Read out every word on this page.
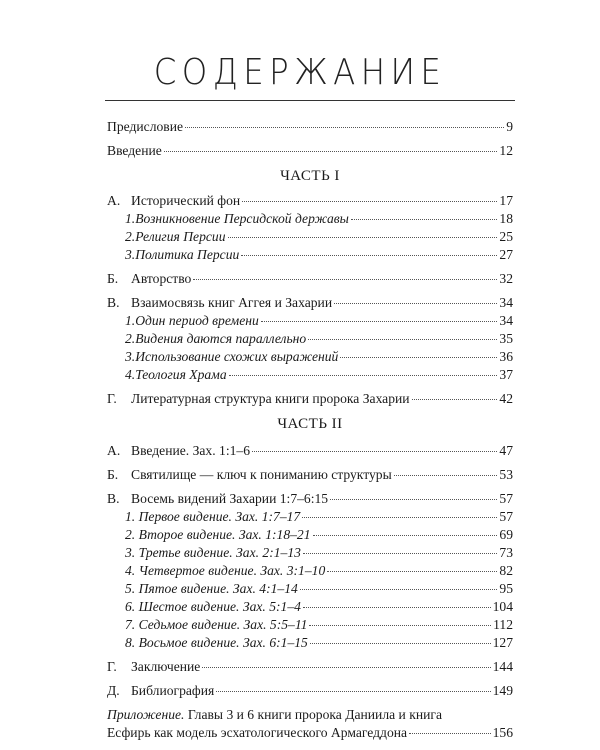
СОДЕРЖАНИЕ
Предисловие	9
Введение	12
ЧАСТЬ I
А. Исторический фон	17
1.Возникновение Персидской державы	18
2.Религия Персии	25
3.Политика Персии	27
Б. Авторство	32
В. Взаимосвязь книг Аггея и Захарии	34
1.Один период времени	34
2.Видения даются параллельно	35
3.Использование схожих выражений	36
4.Теология Храма	37
Г. Литературная структура книги пророка Захарии	42
ЧАСТЬ II
А. Введение. Зах. 1:1–6	47
Б. Святилище — ключ к пониманию структуры	53
В. Восемь видений Захарии 1:7–6:15	57
1. Первое видение. Зах. 1:7–17	57
2. Второе видение. Зах. 1:18–21	69
3. Третье видение. Зах. 2:1–13	73
4. Четвертое видение. Зах. 3:1–10	82
5. Пятое видение. Зах. 4:1–14	95
6. Шестое видение. Зах. 5:1–4	104
7. Седьмое видение. Зах. 5:5–11	112
8. Восьмое видение. Зах. 6:1–15	127
Г. Заключение	144
Д. Библиография	149
Приложение. Главы 3 и 6 книги пророка Даниила и книга
Есфирь как модель эсхатологического Армагеддона	156
